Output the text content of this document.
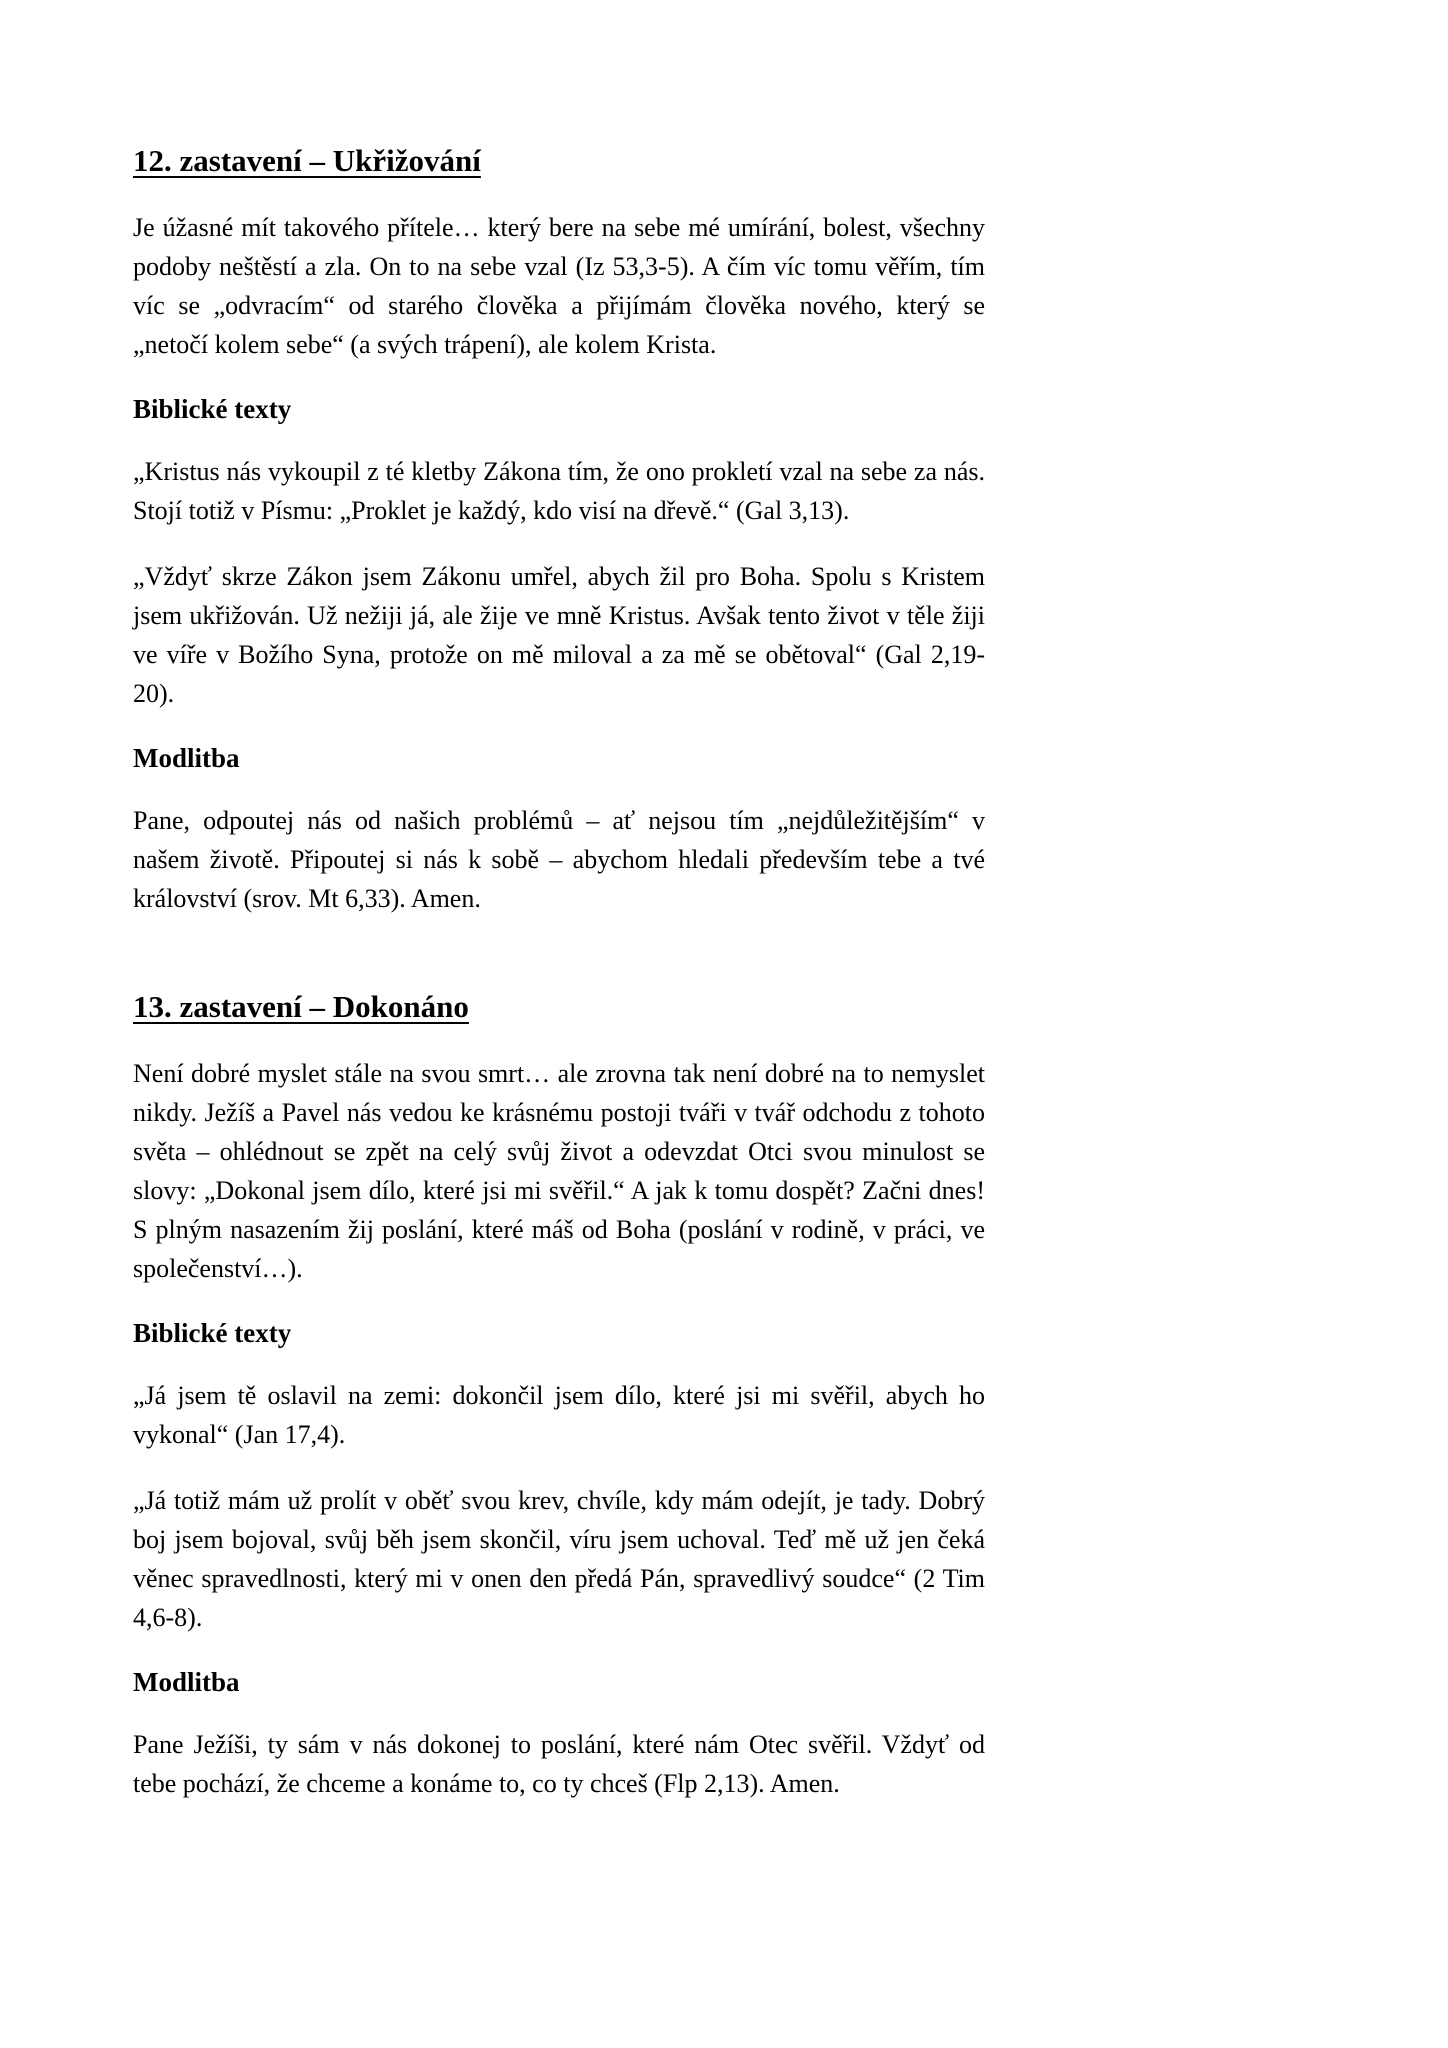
12. zastavení – Ukřižování

Je úžasné mít takového přítele… který bere na sebe mé umírání, bolest, všechny podoby neštěstí a zla. On to na sebe vzal (Iz 53,3-5). A čím víc tomu věřím, tím víc se „odvracím“ od starého člověka a přijímám člověka nového, který se „netočí kolem sebe“ (a svých trápení), ale kolem Krista.

Biblické texty

„Kristus nás vykoupil z té kletby Zákona tím, že ono prokletí vzal na sebe za nás. Stojí totiž v Písmu: „Proklet je každý, kdo visí na dřevě.“ (Gal 3,13).

„Vždyť skrze Zákon jsem Zákonu umřel, abych žil pro Boha. Spolu s Kristem jsem ukřižován. Už nežiji já, ale žije ve mně Kristus. Avšak tento život v těle žiji ve víře v Božího Syna, protože on mě miloval a za mě se obětoval“ (Gal 2,19-20).

Modlitba

Pane, odpoutej nás od našich problémů – ať nejsou tím „nejdůležitějším“ v našem životě. Připoutej si nás k sobě – abychom hledali především tebe a tvé království (srov. Mt 6,33). Amen.

13. zastavení – Dokonáno

Není dobré myslet stále na svou smrt… ale zrovna tak není dobré na to nemyslet nikdy. Ježíš a Pavel nás vedou ke krásnému postoji tváři v tvář odchodu z tohoto světa – ohlédnout se zpět na celý svůj život a odevzdat Otci svou minulost se slovy: „Dokonal jsem dílo, které jsi mi svěřil.“ A jak k tomu dospět? Začni dnes! S plným nasazením žij poslání, které máš od Boha (poslání v rodině, v práci, ve společenství…).

Biblické texty

„Já jsem tě oslavil na zemi: dokončil jsem dílo, které jsi mi svěřil, abych ho vykonal“ (Jan 17,4).

„Já totiž mám už prolít v oběť svou krev, chvíle, kdy mám odejít, je tady. Dobrý boj jsem bojoval, svůj běh jsem skončil, víru jsem uchoval. Teď mě už jen čeká věnec spravedlnosti, který mi v onen den předá Pán, spravedlivý soudce“ (2 Tim 4,6-8).

Modlitba

Pane Ježíši, ty sám v nás dokonej to poslání, které nám Otec svěřil. Vždyť od tebe pochází, že chceme a konáme to, co ty chceš (Flp 2,13). Amen.
